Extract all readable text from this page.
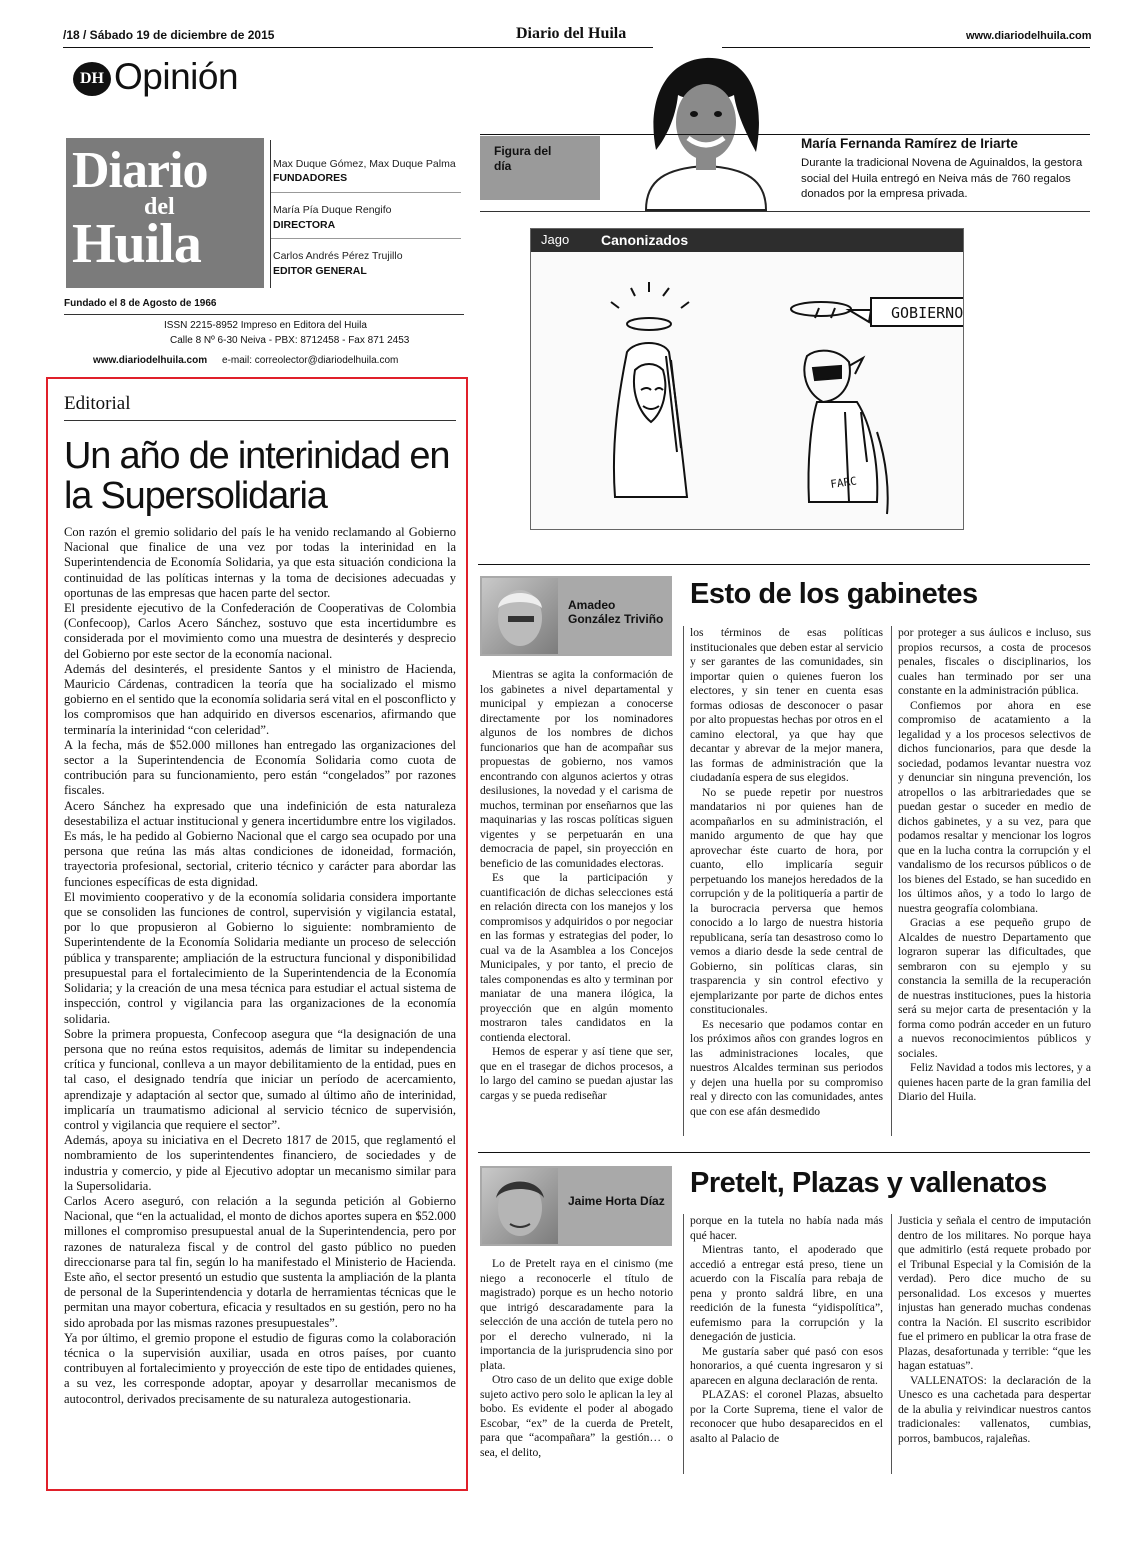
/18 / Sábado 19 de diciembre de 2015	Diario del Huila	www.diariodelhuila.com
DH Opinión
Diario
del
Huila
Max Duque Gómez, Max Duque Palma
FUNDADORES
María Pía Duque Rengifo
DIRECTORA
Carlos Andrés Pérez Trujillo
EDITOR GENERAL
Fundado el 8 de Agosto de 1966
ISSN 2215-8952 Impreso en Editora del Huila
Calle 8 Nº 6-30 Neiva - PBX: 8712458 - Fax 871 2453
www.diariodelhuila.com e-mail: correolector@diariodelhuila.com
Figura del día
María Fernanda Ramírez de Iriarte
Durante la tradicional Novena de Aguinaldos, la gestora social del Huila entregó en Neiva más de 760 regalos donados por la empresa privada.
Jago Canonizados
GOBIERNO
FARC
Editorial
Un año de interinidad en la Supersolidaria

Con razón el gremio solidario del país le ha venido reclamando al Gobierno Nacional que finalice de una vez por todas la interinidad en la Superintendencia de Economía Solidaria, ya que esta situación condiciona la continuidad de las políticas internas y la toma de decisiones adecuadas y oportunas de las empresas que hacen parte del sector.

El presidente ejecutivo de la Confederación de Cooperativas de Colombia (Confecoop), Carlos Acero Sánchez, sostuvo que esta incertidumbre es considerada por el movimiento como una muestra de desinterés y desprecio del Gobierno por este sector de la economía nacional.

Además del desinterés, el presidente Santos y el ministro de Hacienda, Mauricio Cárdenas, contradicen la teoría que ha socializado el mismo gobierno en el sentido que la economía solidaria será vital en el posconflicto y los compromisos que han adquirido en diversos escenarios, afirmando que terminaría la interinidad “con celeridad”.

A la fecha, más de $52.000 millones han entregado las organizaciones del sector a la Superintendencia de Economía Solidaria como cuota de contribución para su funcionamiento, pero están “congelados” por razones fiscales.

Acero Sánchez ha expresado que una indefinición de esta naturaleza desestabiliza el actuar institucional y genera incertidumbre entre los vigilados. Es más, le ha pedido al Gobierno Nacional que el cargo sea ocupado por una persona que reúna las más altas condiciones de idoneidad, formación, trayectoria profesional, sectorial, criterio técnico y carácter para abordar las funciones específicas de esta dignidad.

El movimiento cooperativo y de la economía solidaria considera importante que se consoliden las funciones de control, supervisión y vigilancia estatal, por lo que propusieron al Gobierno lo siguiente: nombramiento de Superintendente de la Economía Solidaria mediante un proceso de selección pública y transparente; ampliación de la estructura funcional y disponibilidad presupuestal para el fortalecimiento de la Superintendencia de la Economía Solidaria; y la creación de una mesa técnica para estudiar el actual sistema de inspección, control y vigilancia para las organizaciones de la economía solidaria.

Sobre la primera propuesta, Confecoop asegura que “la designación de una persona que no reúna estos requisitos, además de limitar su independencia crítica y funcional, conlleva a un mayor debilitamiento de la entidad, pues en tal caso, el designado tendría que iniciar un período de acercamiento, aprendizaje y adaptación al sector que, sumado al último año de interinidad, implicaría un traumatismo adicional al servicio técnico de supervisión, control y vigilancia que requiere el sector”.

Además, apoya su iniciativa en el Decreto 1817 de 2015, que reglamentó el nombramiento de los superintendentes financiero, de sociedades y de industria y comercio, y pide al Ejecutivo adoptar un mecanismo similar para la Supersolidaria.

Carlos Acero aseguró, con relación a la segunda petición al Gobierno Nacional, que “en la actualidad, el monto de dichos aportes supera en $52.000 millones el compromiso presupuestal anual de la Superintendencia, pero por razones de naturaleza fiscal y de control del gasto público no pueden direccionarse para tal fin, según lo ha manifestado el Ministerio de Hacienda. Este año, el sector presentó un estudio que sustenta la ampliación de la planta de personal de la Superintendencia y dotarla de herramientas técnicas que le permitan una mayor cobertura, eficacia y resultados en su gestión, pero no ha sido aprobada por las mismas razones presupuestales”.

Ya por último, el gremio propone el estudio de figuras como la colaboración técnica o la supervisión auxiliar, usada en otros países, por cuanto contribuyen al fortalecimiento y proyección de este tipo de entidades quienes, a su vez, les corresponde adoptar, apoyar y desarrollar mecanismos de autocontrol, derivados precisamente de su naturaleza autogestionaria.

Amadeo González Triviño
Esto de los gabinetes

Mientras se agita la conformación de los gabinetes a nivel departamental y municipal y empiezan a conocerse directamente por los nominadores algunos de los nombres de dichos funcionarios que han de acompañar sus propuestas de gobierno, nos vamos encontrando con algunos aciertos y otras desilusiones, la novedad y el carisma de muchos, terminan por enseñarnos que las maquinarias y las roscas políticas siguen vigentes y se perpetuarán en una democracia de papel, sin proyección en beneficio de las comunidades electoras.

Es que la participación y cuantificación de dichas selecciones está en relación directa con los manejos y los compromisos y adquiridos o por negociar en las formas y estrategias del poder, lo cual va de la Asamblea a los Concejos Municipales, y por tanto, el precio de tales componendas es alto y terminan por maniatar de una manera ilógica, la proyección que en algún momento mostraron tales candidatos en la contienda electoral.

Hemos de esperar y así tiene que ser, que en el trasegar de dichos procesos, a lo largo del camino se puedan ajustar las cargas y se pueda rediseñar

los términos de esas políticas institucionales que deben estar al servicio y ser garantes de las comunidades, sin importar quien o quienes fueron los electores, y sin tener en cuenta esas formas odiosas de desconocer o pasar por alto propuestas hechas por otros en el camino electoral, ya que hay que decantar y abrevar de la mejor manera, las formas de administración que la ciudadanía espera de sus elegidos.

No se puede repetir por nuestros mandatarios ni por quienes han de acompañarlos en su administración, el manido argumento de que hay que aprovechar éste cuarto de hora, por cuanto, ello implicaría seguir perpetuando los manejos heredados de la corrupción y de la politiquería a partir de la burocracia perversa que hemos conocido a lo largo de nuestra historia republicana, sería tan desastroso como lo vemos a diario desde la sede central de Gobierno, sin políticas claras, sin trasparencia y sin control efectivo y ejemplarizante por parte de dichos entes constitucionales.

Es necesario que podamos contar en los próximos años con grandes logros en las administraciones locales, que nuestros Alcaldes terminan sus periodos y dejen una huella por su compromiso real y directo con las comunidades, antes que con ese afán desmedido

por proteger a sus áulicos e incluso, sus propios recursos, a costa de procesos penales, fiscales o disciplinarios, los cuales han terminado por ser una constante en la administración pública.

Confiemos por ahora en ese compromiso de acatamiento a la legalidad y a los procesos selectivos de dichos funcionarios, para que desde la sociedad, podamos levantar nuestra voz y denunciar sin ninguna prevención, los atropellos o las arbitrariedades que se puedan gestar o suceder en medio de dichos gabinetes, y a su vez, para que podamos resaltar y mencionar los logros que en la lucha contra la corrupción y el vandalismo de los recursos públicos o de los bienes del Estado, se han sucedido en los últimos años, y a todo lo largo de nuestra geografía colombiana.

Gracias a ese pequeño grupo de Alcaldes de nuestro Departamento que lograron superar las dificultades, que sembraron con su ejemplo y su constancia la semilla de la recuperación de nuestras instituciones, pues la historia será su mejor carta de presentación y la forma como podrán acceder en un futuro a nuevos reconocimientos públicos y sociales.

Feliz Navidad a todos mis lectores, y a quienes hacen parte de la gran familia del Diario del Huila.

Jaime Horta Díaz
Pretelt, Plazas y vallenatos

Lo de Pretelt raya en el cinismo (me niego a reconocerle el título de magistrado) porque es un hecho notorio que intrigó descaradamente para la selección de una acción de tutela pero no por el derecho vulnerado, ni la importancia de la jurisprudencia sino por plata.

Otro caso de un delito que exige doble sujeto activo pero solo le aplican la ley al bobo. Es evidente el poder al abogado Escobar, “ex” de la cuerda de Pretelt, para que “acompañara” la gestión… o sea, el delito,

porque en la tutela no había nada más qué hacer.

Mientras tanto, el apoderado que accedió a entregar está preso, tiene un acuerdo con la Fiscalía para rebaja de pena y pronto saldrá libre, en una reedición de la funesta “yidispolítica”, eufemismo para la corrupción y la denegación de justicia.

Me gustaría saber qué pasó con esos honorarios, a qué cuenta ingresaron y si aparecen en alguna declaración de renta.

PLAZAS: el coronel Plazas, absuelto por la Corte Suprema, tiene el valor de reconocer que hubo desaparecidos en el asalto al Palacio de

Justicia y señala el centro de imputación dentro de los militares. No porque haya que admitirlo (está requete probado por el Tribunal Especial y la Comisión de la verdad). Pero dice mucho de su personalidad. Los excesos y muertes injustas han generado muchas condenas contra la Nación. El suscrito escribidor fue el primero en publicar la otra frase de Plazas, desafortunada y terrible: “que les hagan estatuas”.

VALLENATOS: la declaración de la Unesco es una cachetada para despertar de la abulia y reivindicar nuestros cantos tradicionales: vallenatos, cumbias, porros, bambucos, rajaleñas.
